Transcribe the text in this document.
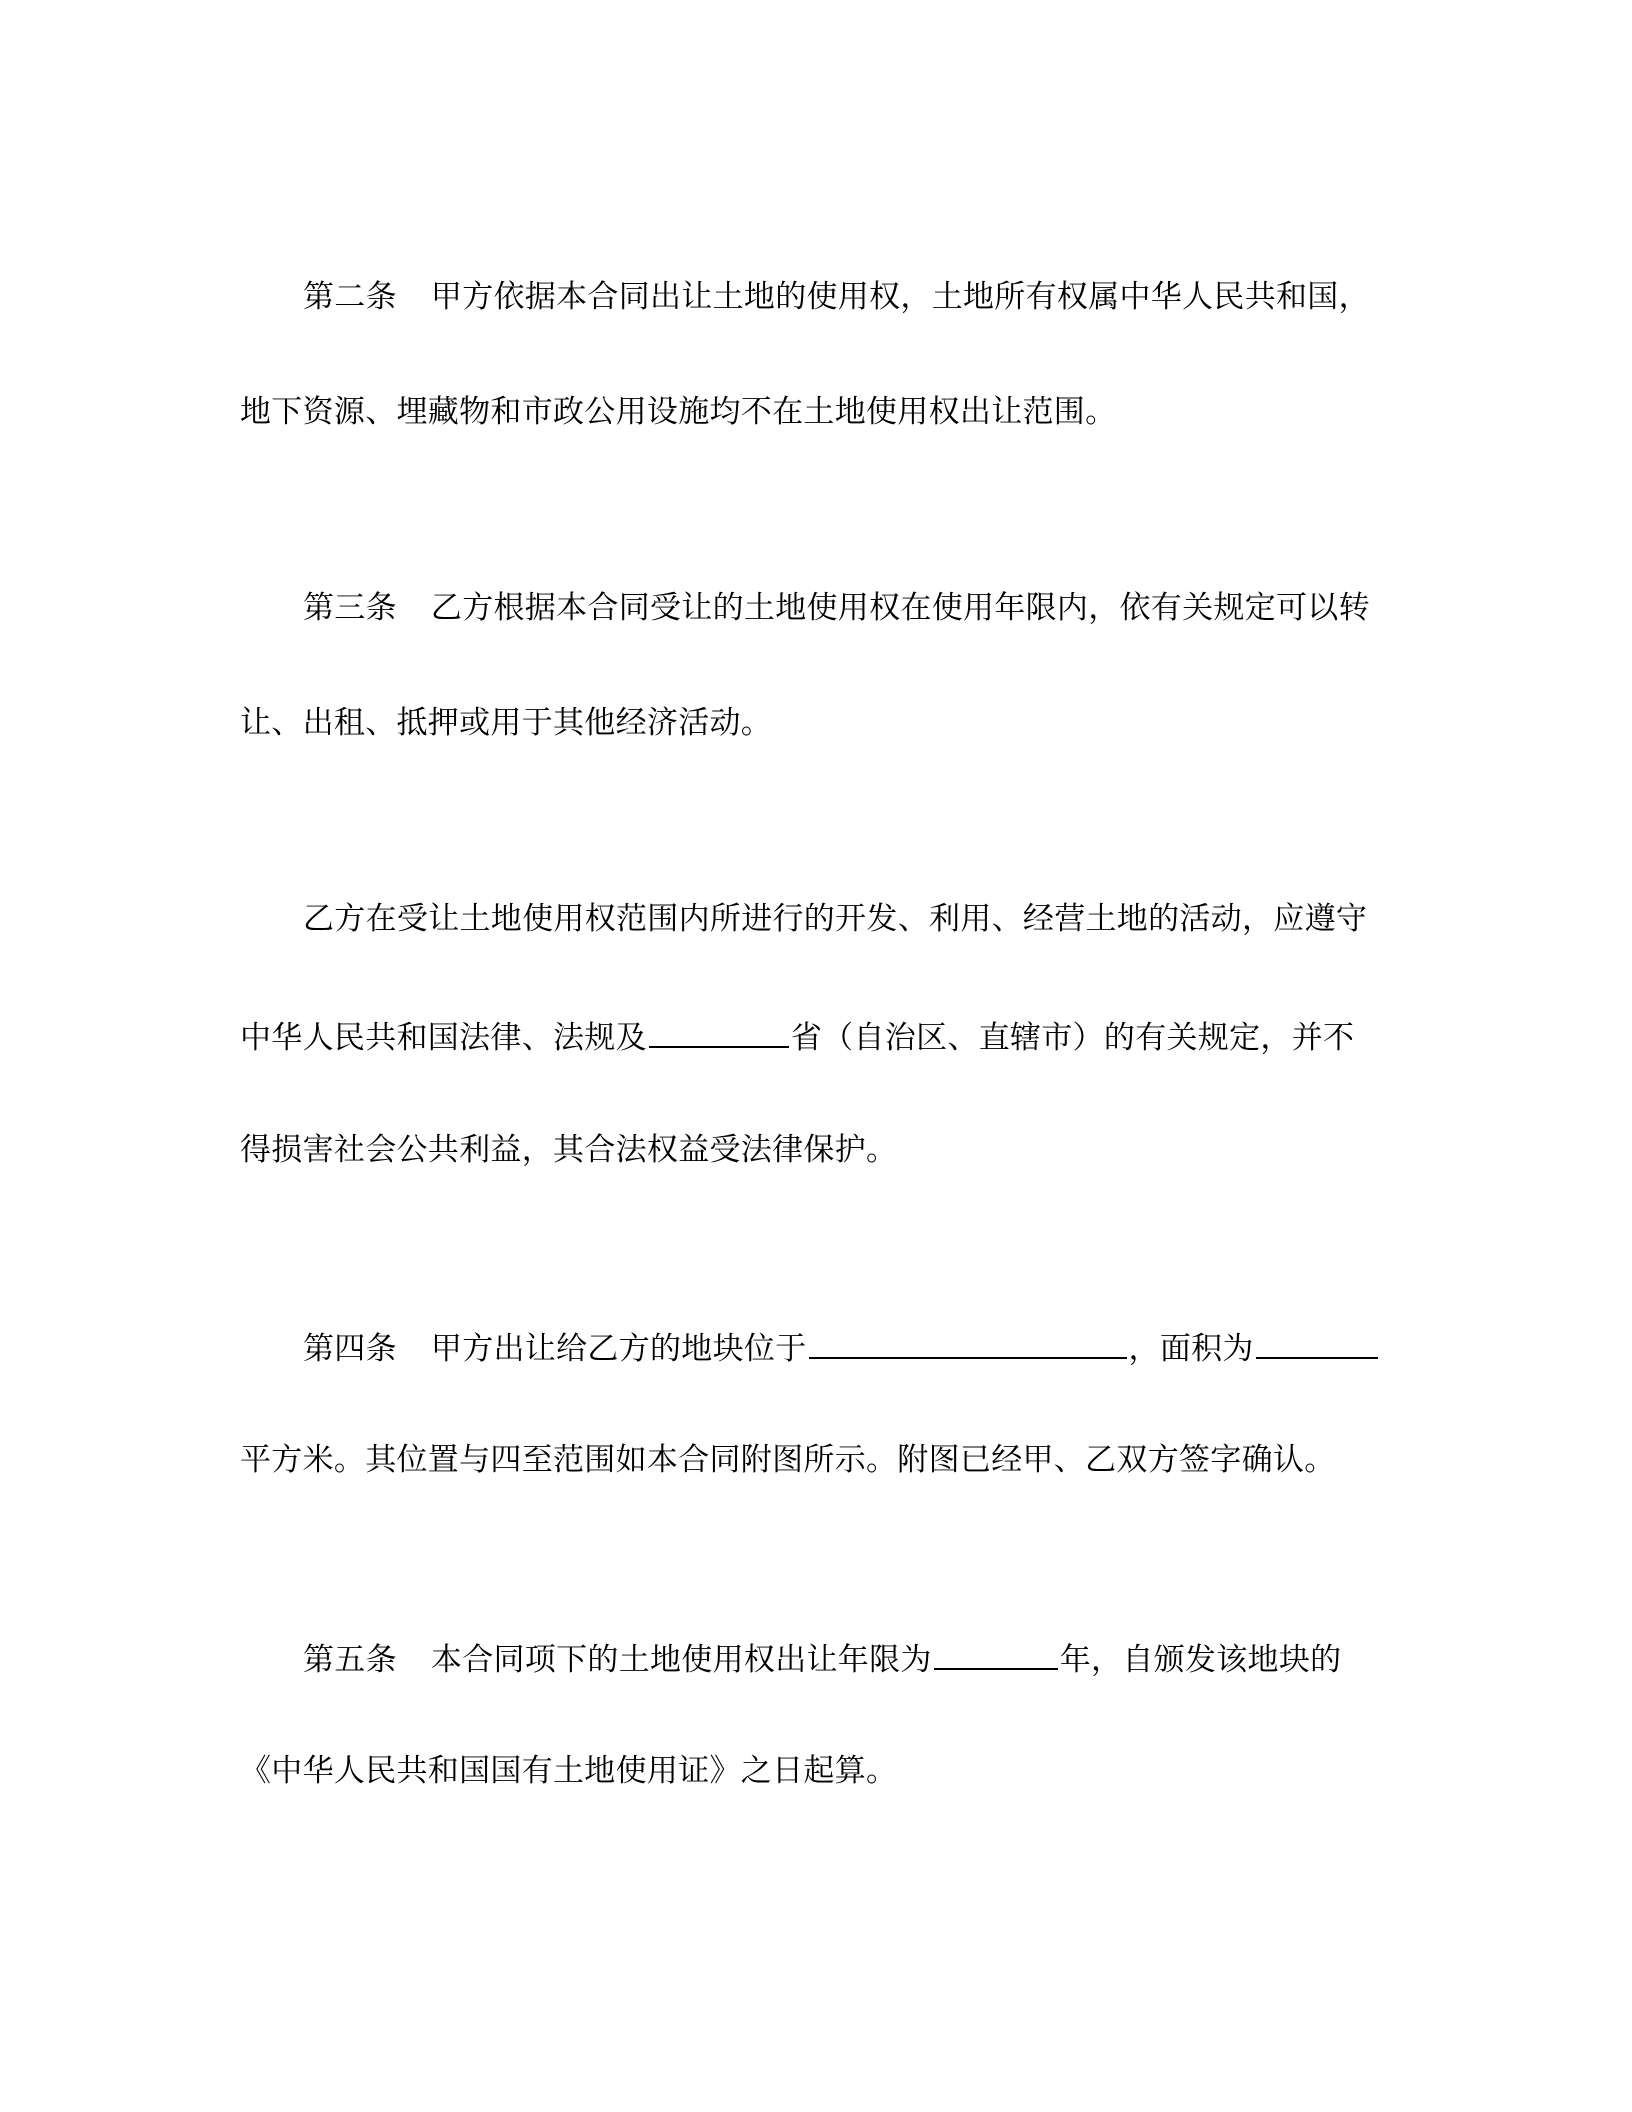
第二条 甲方依据本合同出让土地的使用权，土地所有权属中华人民共和国，
地下资源、埋藏物和市政公用设施均不在土地使用权出让范围。
第三条 乙方根据本合同受让的土地使用权在使用年限内，依有关规定可以转
让、出租、抵押或用于其他经济活动。
乙方在受让土地使用权范围内所进行的开发、利用、经营土地的活动，应遵守
中华人民共和国法律、法规及	省（自治区、直辖市）的有关规定，并不
得损害社会公共利益，其合法权益受法律保护。
第四条 甲方出让给乙方的地块位于	，面积为
平方米。其位置与四至范围如本合同附图所示。附图已经甲、乙双方签字确认。
第五条 本合同项下的土地使用权出让年限为	年，自颁发该地块的
《中华人民共和国国有土地使用证》之日起算。
